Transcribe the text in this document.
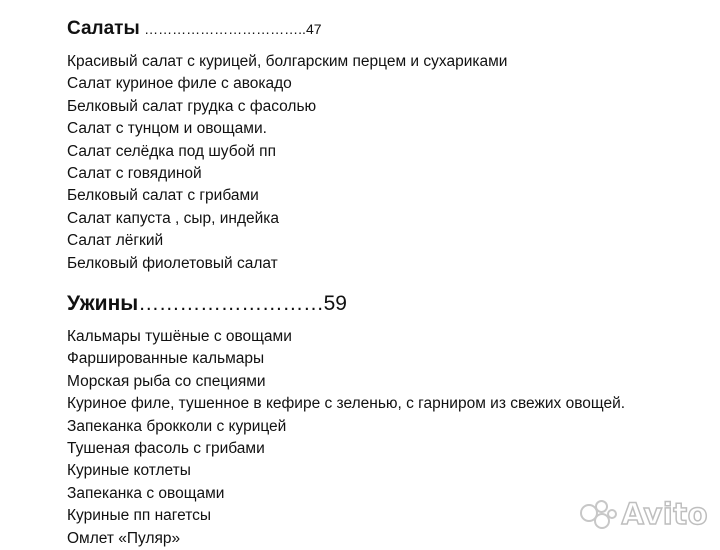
Салаты ……………………………..47
Красивый салат с курицей, болгарским перцем и сухариками
Салат куриное филе с авокадо
Белковый салат грудка с фасолью
Салат с тунцом и овощами.
Салат селёдка под шубой пп
Салат с говядиной
Белковый салат с грибами
Салат капуста , сыр, индейка
Салат лёгкий
Белковый фиолетовый салат
Ужины………………………59
Кальмары тушёные с овощами
Фаршированные кальмары
Морская рыба со специями
Куриное филе, тушенное в кефире с зеленью, с гарниром из свежих овощей.
Запеканка брокколи с курицей
Тушеная фасоль с грибами
Куриные котлеты
Запеканка с овощами
Куриные пп нагетсы
Омлет «Пуляр»
Avito
